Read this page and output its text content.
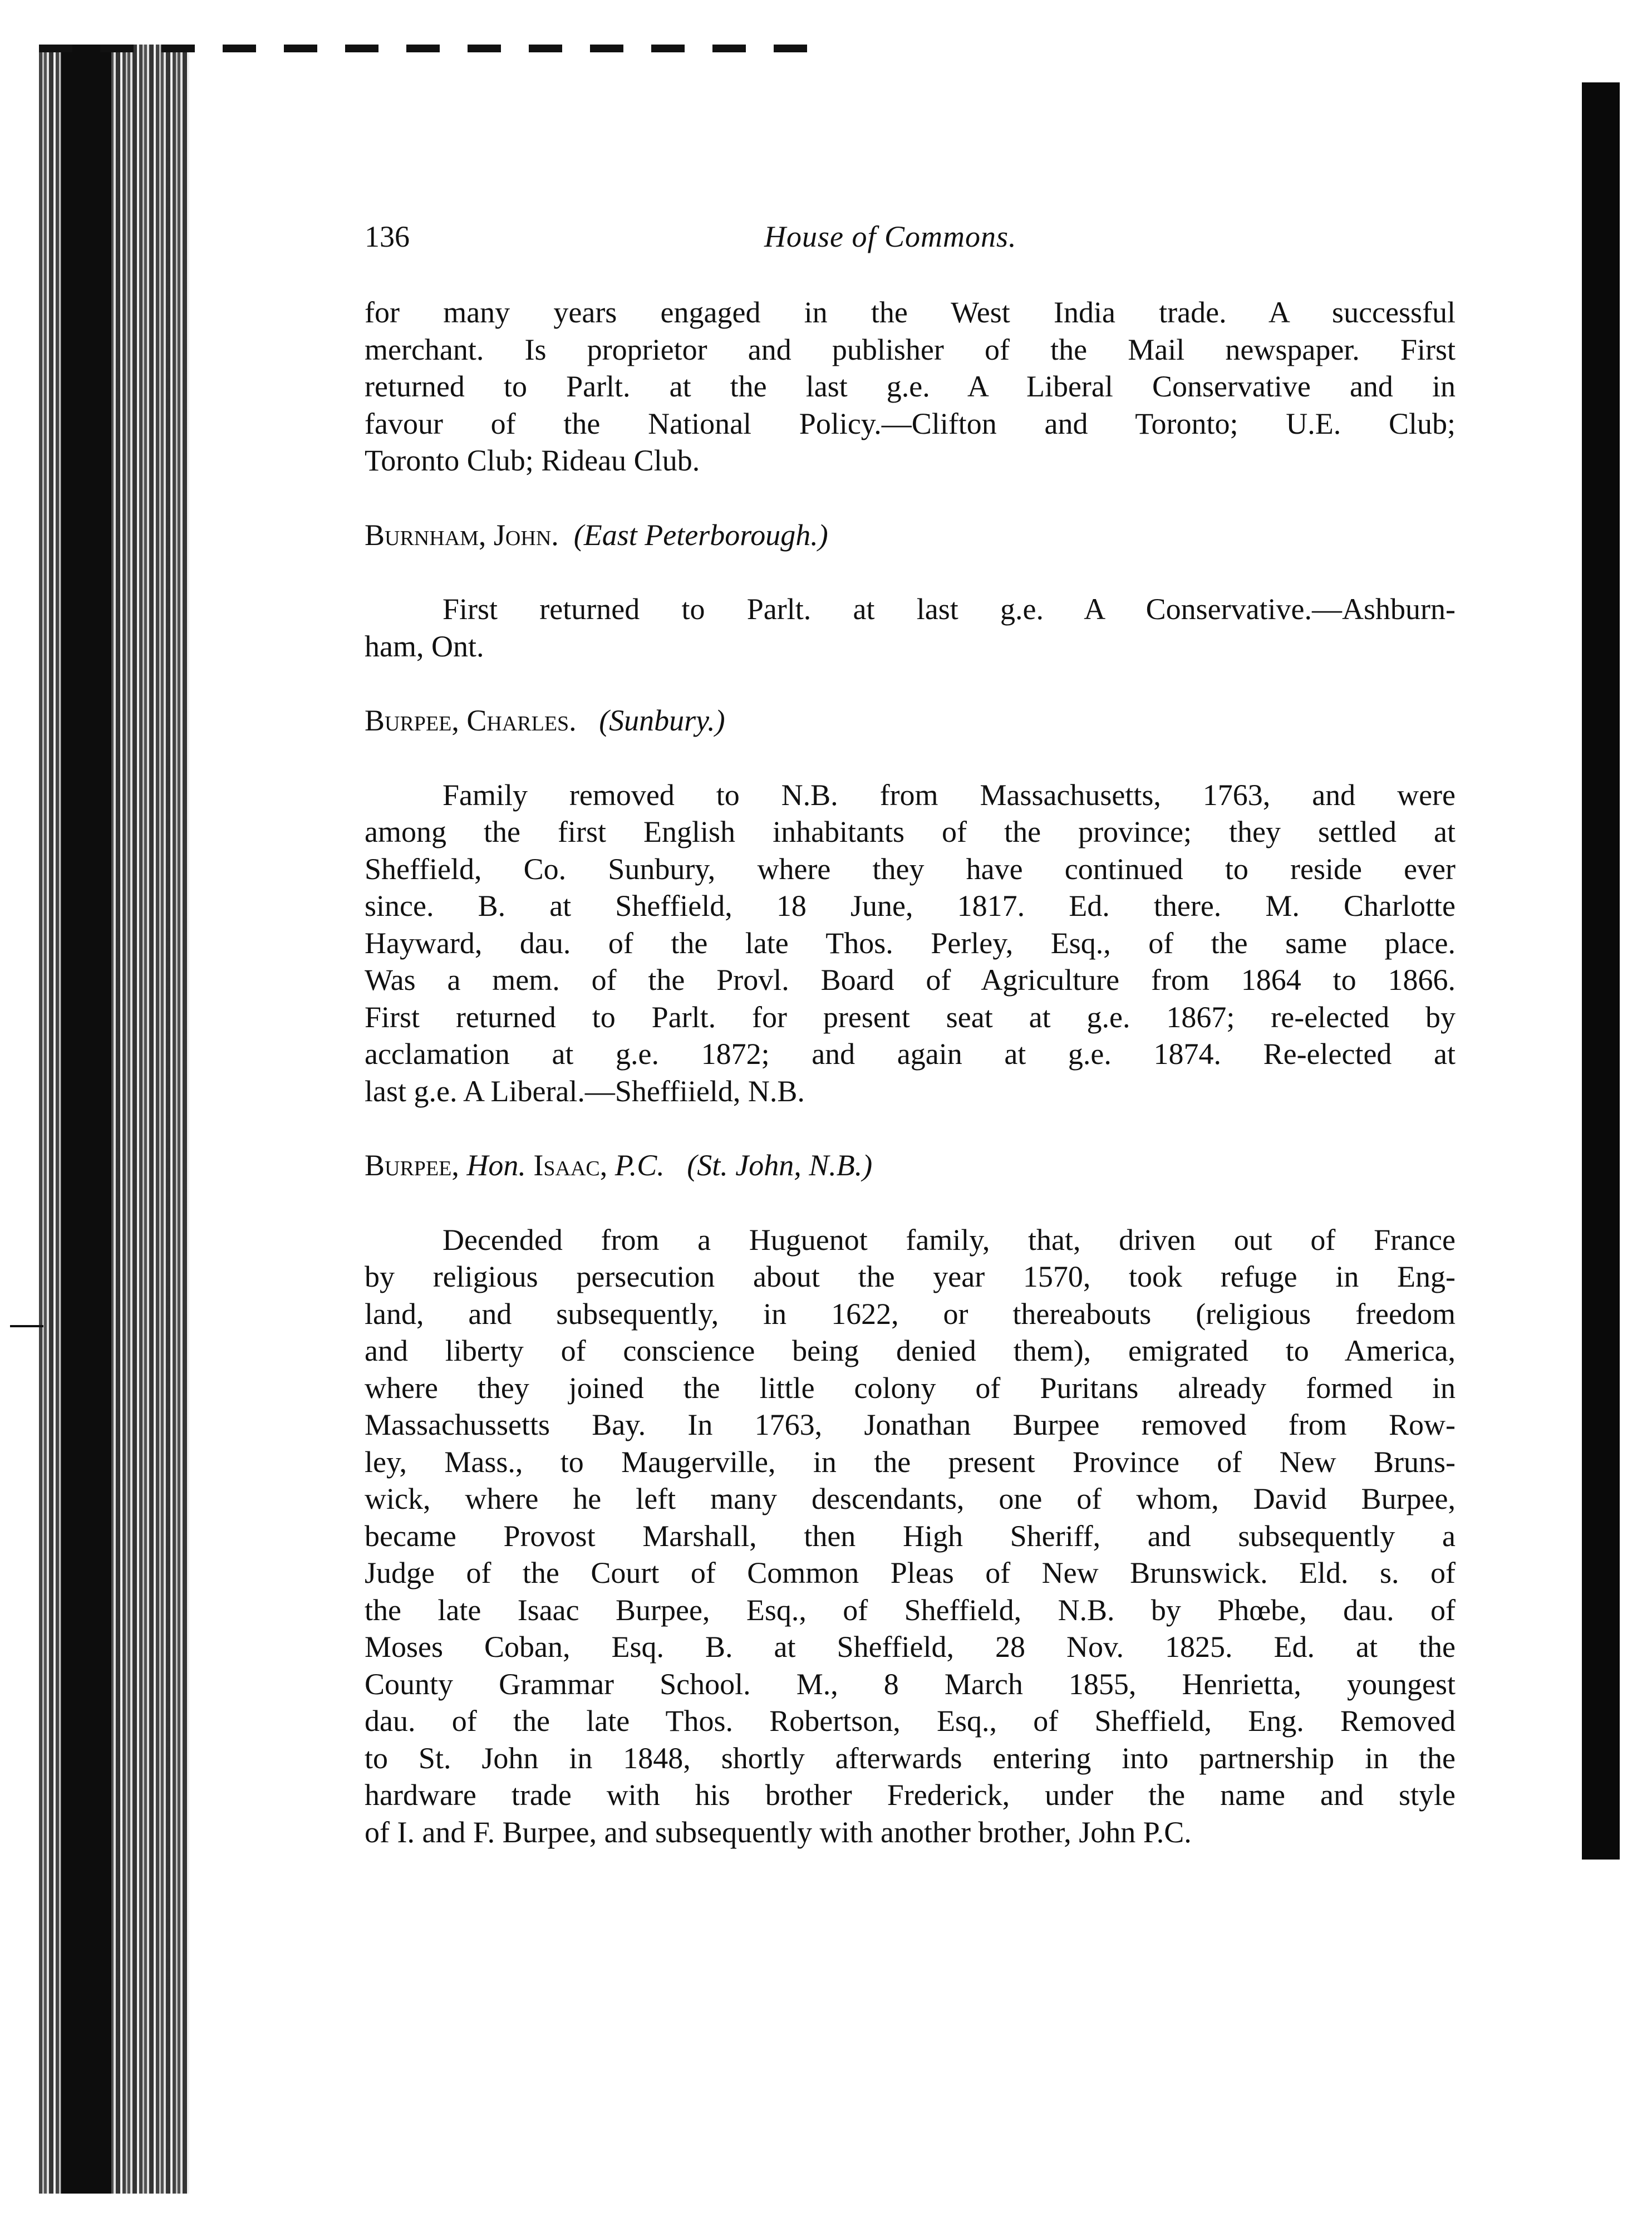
136	House of Commons.
for many years engaged in the West India trade. A successful
merchant. Is proprietor and publisher of the Mail newspaper. First
returned to Parlt. at the last g.e. A Liberal Conservative and in
favour of the National Policy.—Clifton and Toronto; U.E. Club;
Toronto Club; Rideau Club.
Burnham, John. (East Peterborough.)
First returned to Parlt. at last g.e. A Conservative.—Ashburn-
ham, Ont.
Burpee, Charles. (Sunbury.)
Family removed to N.B. from Massachusetts, 1763, and were
among the first English inhabitants of the province; they settled at
Sheffield, Co. Sunbury, where they have continued to reside ever
since. B. at Sheffield, 18 June, 1817. Ed. there. M. Charlotte
Hayward, dau. of the late Thos. Perley, Esq., of the same place.
Was a mem. of the Provl. Board of Agriculture from 1864 to 1866.
First returned to Parlt. for present seat at g.e. 1867; re-elected by
acclamation at g.e. 1872; and again at g.e. 1874. Re-elected at
last g.e. A Liberal.—Sheffiield, N.B.
Burpee, Hon. Isaac, P.C. (St. John, N.B.)
Decended from a Huguenot family, that, driven out of France
by religious persecution about the year 1570, took refuge in Eng-
land, and subsequently, in 1622, or thereabouts (religious freedom
and liberty of conscience being denied them), emigrated to America,
where they joined the little colony of Puritans already formed in
Massachussetts Bay. In 1763, Jonathan Burpee removed from Row-
ley, Mass., to Maugerville, in the present Province of New Bruns-
wick, where he left many descendants, one of whom, David Burpee,
became Provost Marshall, then High Sheriff, and subsequently a
Judge of the Court of Common Pleas of New Brunswick. Eld. s. of
the late Isaac Burpee, Esq., of Sheffield, N.B. by Phœbe, dau. of
Moses Coban, Esq. B. at Sheffield, 28 Nov. 1825. Ed. at the
County Grammar School. M., 8 March 1855, Henrietta, youngest
dau. of the late Thos. Robertson, Esq., of Sheffield, Eng. Removed
to St. John in 1848, shortly afterwards entering into partnership in the
hardware trade with his brother Frederick, under the name and style
of I. and F. Burpee, and subsequently with another brother, John P.C.
